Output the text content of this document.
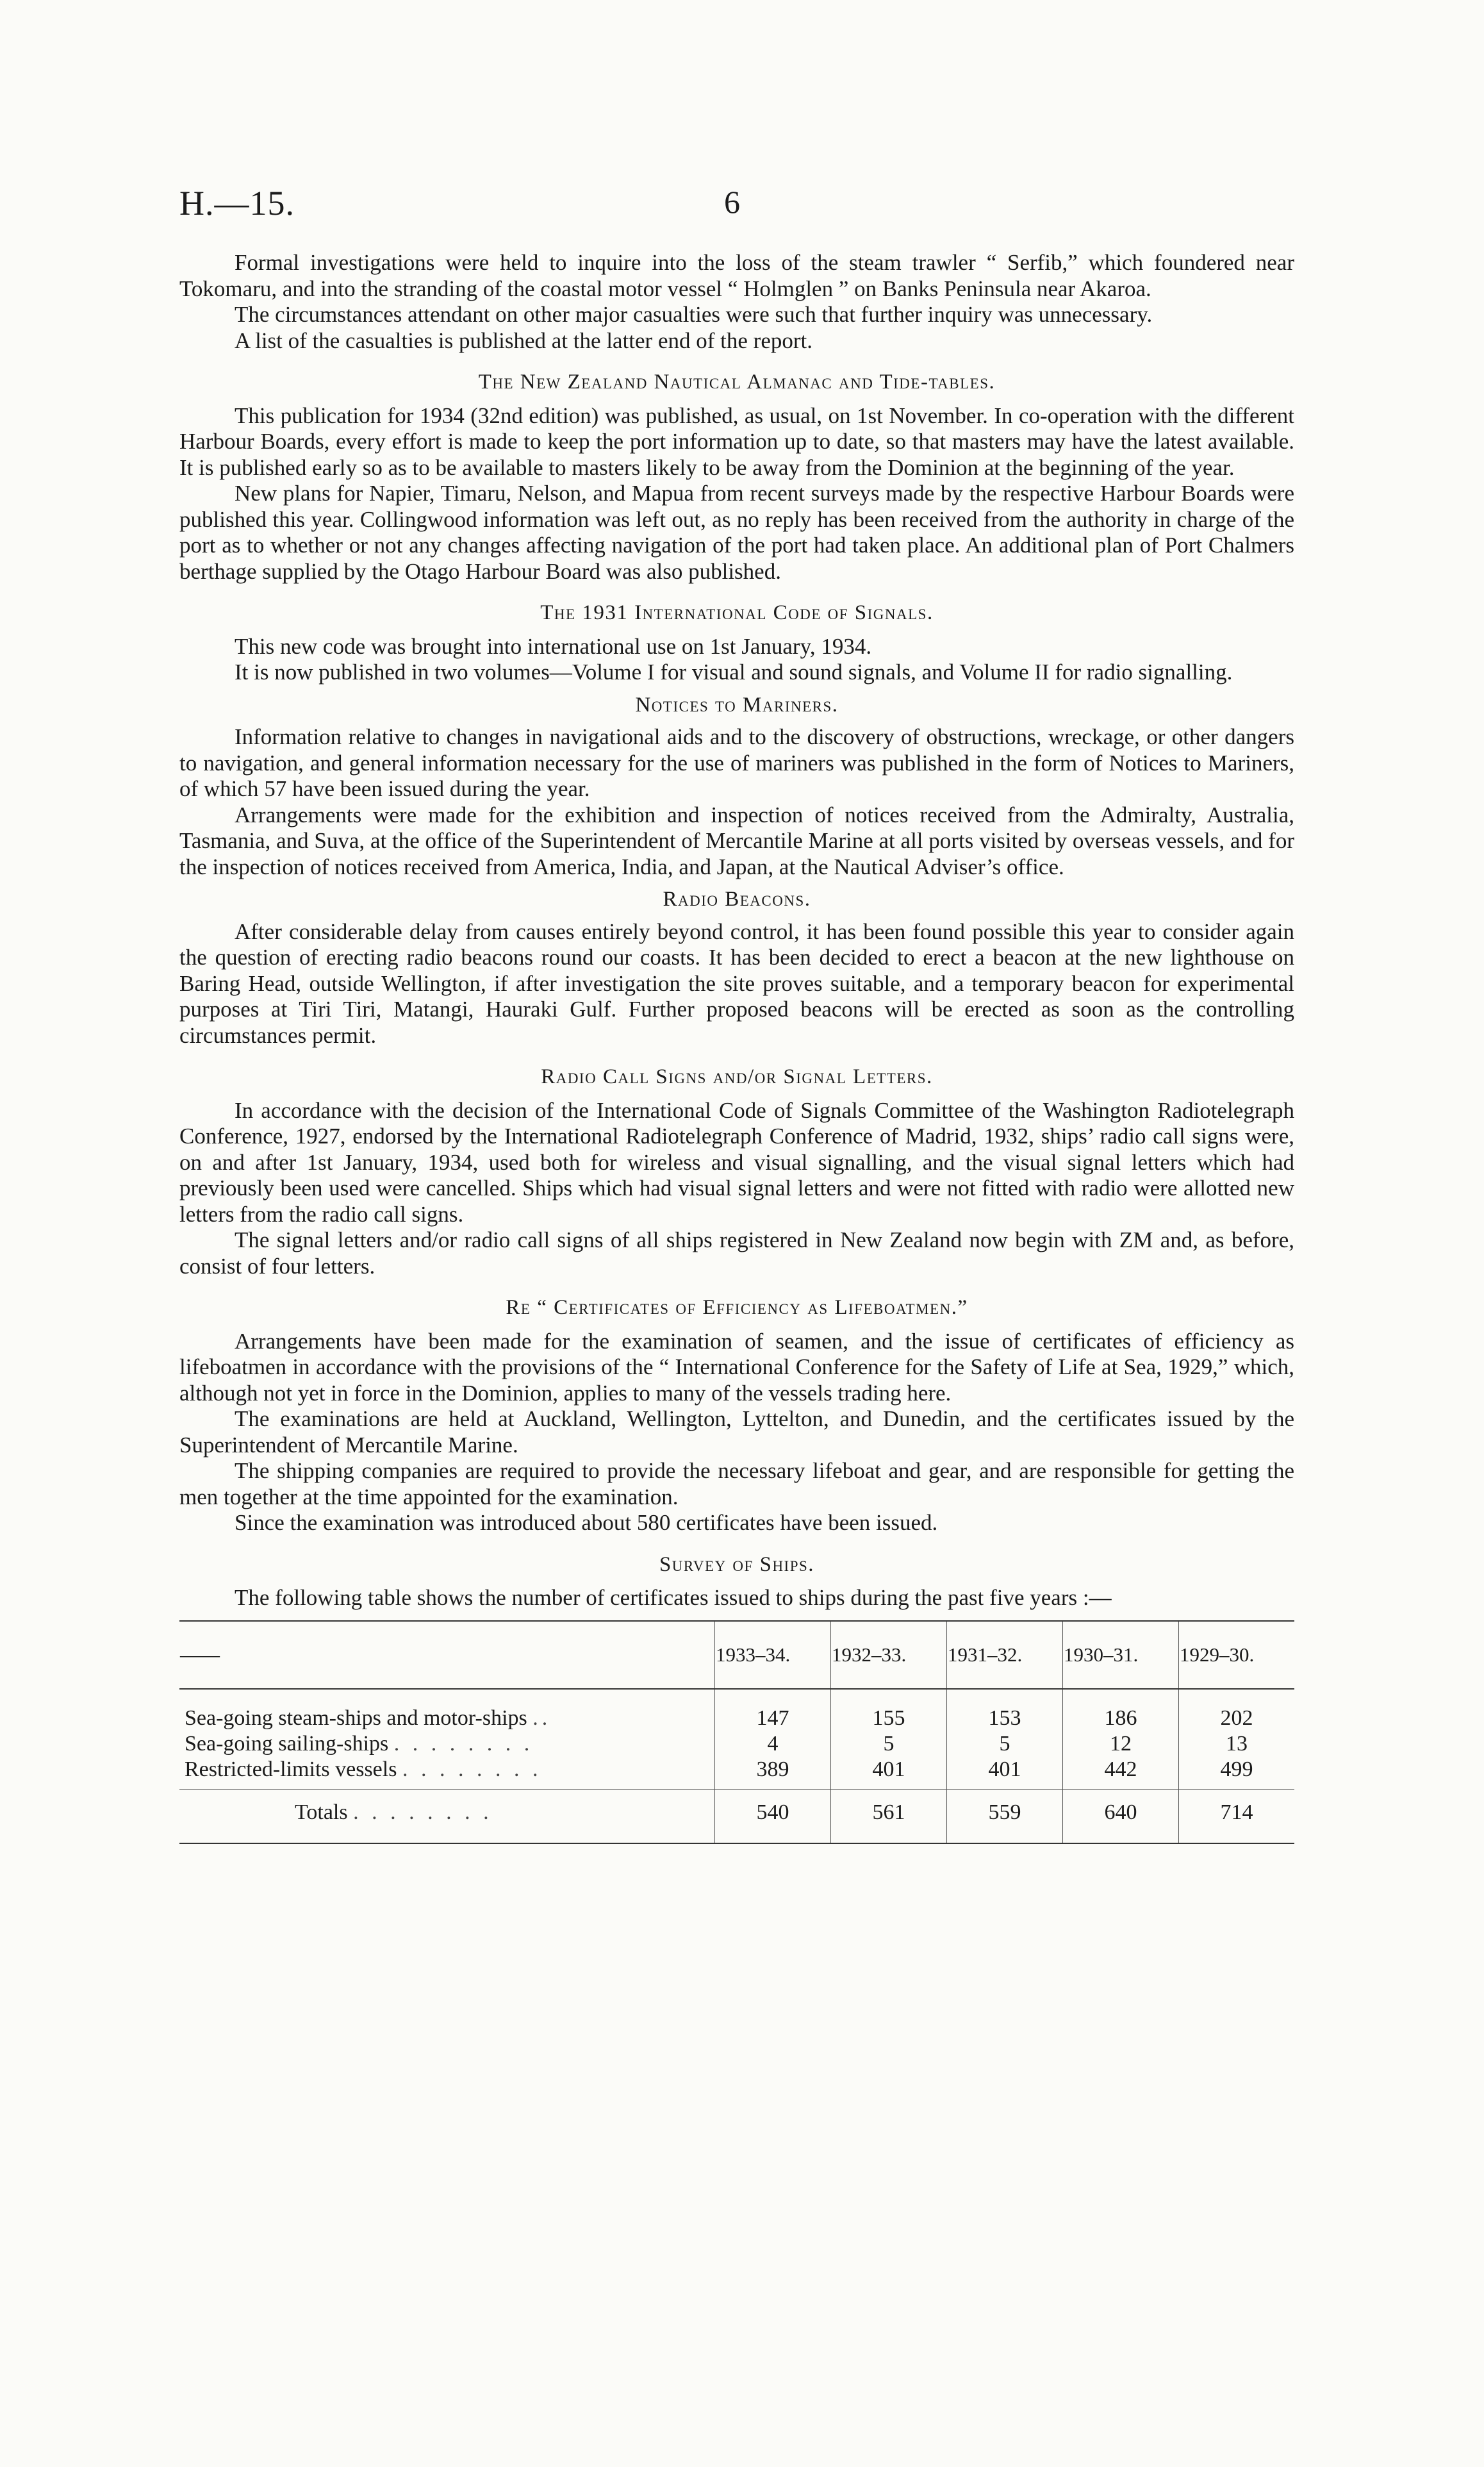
H.—15.	6

Formal investigations were held to inquire into the loss of the steam trawler “ Serfib,” which foundered near Tokomaru, and into the stranding of the coastal motor vessel “ Holmglen ” on Banks Peninsula near Akaroa.

The circumstances attendant on other major casualties were such that further inquiry was unnecessary.

A list of the casualties is published at the latter end of the report.

The New Zealand Nautical Almanac and Tide-tables.

This publication for 1934 (32nd edition) was published, as usual, on 1st November. In co-operation with the different Harbour Boards, every effort is made to keep the port information up to date, so that masters may have the latest available. It is published early so as to be available to masters likely to be away from the Dominion at the beginning of the year.

New plans for Napier, Timaru, Nelson, and Mapua from recent surveys made by the respective Harbour Boards were published this year. Collingwood information was left out, as no reply has been received from the authority in charge of the port as to whether or not any changes affecting navigation of the port had taken place. An additional plan of Port Chalmers berthage supplied by the Otago Harbour Board was also published.

The 1931 International Code of Signals.

This new code was brought into international use on 1st January, 1934.

It is now published in two volumes—Volume I for visual and sound signals, and Volume II for radio signalling.

Notices to Mariners.

Information relative to changes in navigational aids and to the discovery of obstructions, wreckage, or other dangers to navigation, and general information necessary for the use of mariners was published in the form of Notices to Mariners, of which 57 have been issued during the year.

Arrangements were made for the exhibition and inspection of notices received from the Admiralty, Australia, Tasmania, and Suva, at the office of the Superintendent of Mercantile Marine at all ports visited by overseas vessels, and for the inspection of notices received from America, India, and Japan, at the Nautical Adviser’s office.

Radio Beacons.

After considerable delay from causes entirely beyond control, it has been found possible this year to consider again the question of erecting radio beacons round our coasts. It has been decided to erect a beacon at the new lighthouse on Baring Head, outside Wellington, if after investigation the site proves suitable, and a temporary beacon for experimental purposes at Tiri Tiri, Matangi, Hauraki Gulf. Further proposed beacons will be erected as soon as the controlling circumstances permit.

Radio Call Signs and/or Signal Letters.

In accordance with the decision of the International Code of Signals Committee of the Washington Radiotelegraph Conference, 1927, endorsed by the International Radiotelegraph Conference of Madrid, 1932, ships’ radio call signs were, on and after 1st January, 1934, used both for wireless and visual signalling, and the visual signal letters which had previously been used were cancelled. Ships which had visual signal letters and were not fitted with radio were allotted new letters from the radio call signs.

The signal letters and/or radio call signs of all ships registered in New Zealand now begin with ZM and, as before, consist of four letters.

Re “ Certificates of Efficiency as Lifeboatmen.”

Arrangements have been made for the examination of seamen, and the issue of certificates of efficiency as lifeboatmen in accordance with the provisions of the “ International Conference for the Safety of Life at Sea, 1929,” which, although not yet in force in the Dominion, applies to many of the vessels trading here.

The examinations are held at Auckland, Wellington, Lyttelton, and Dunedin, and the certificates issued by the Superintendent of Mercantile Marine.

The shipping companies are required to provide the necessary lifeboat and gear, and are responsible for getting the men together at the time appointed for the examination.

Since the examination was introduced about 580 certificates have been issued.

Survey of Ships.

The following table shows the number of certificates issued to ships during the past five years :—

——	1933–34.	1932–33.	1931–32.	1930–31.	1929–30.
Sea-going steam-ships and motor-ships ..	147	155	153	186	202
Sea-going sailing-ships . . . . . . . .	4	5	5	12	13
Restricted-limits vessels . . . . . . . .	389	401	401	442	499
Totals . . . . . . . .	540	561	559	640	714
